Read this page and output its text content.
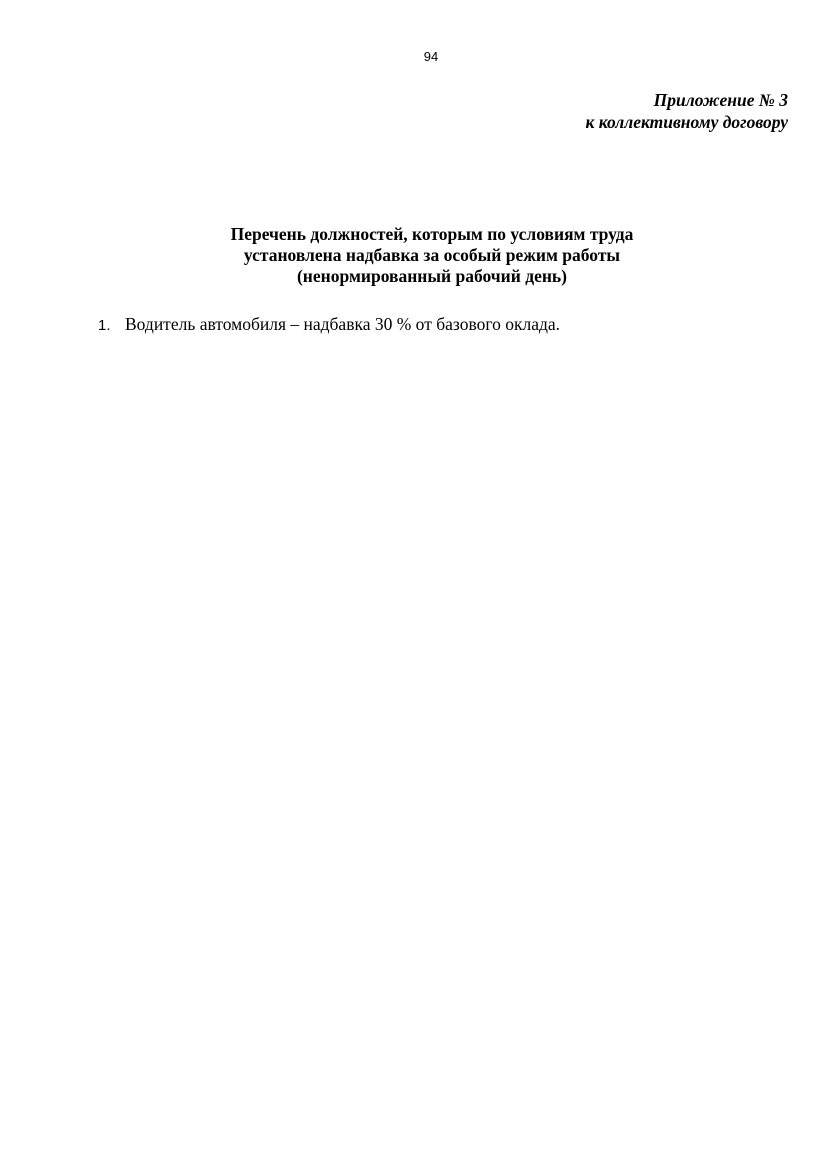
94
Приложение № 3
к коллективному договору
Перечень должностей, которым по условиям труда
установлена надбавка за особый режим работы
(ненормированный рабочий день)
1. Водитель автомобиля – надбавка 30 % от базового оклада.
